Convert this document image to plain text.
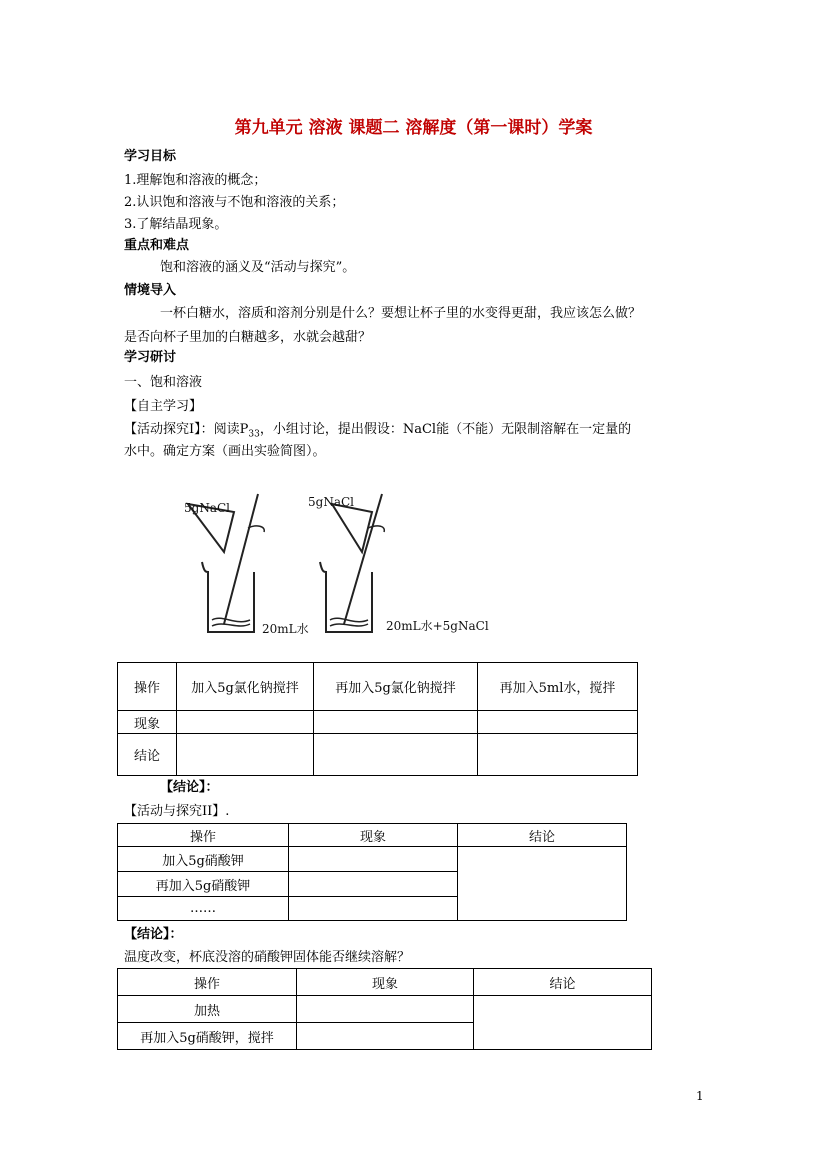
第九单元 溶液 课题二 溶解度（第一课时）学案
学习目标
1.理解饱和溶液的概念；
2.认识饱和溶液与不饱和溶液的关系；
3.了解结晶现象。
重点和难点
饱和溶液的涵义及“活动与探究”。
情境导入
一杯白糖水，溶质和溶剂分别是什么？要想让杯子里的水变得更甜，我应该怎么做？
是否向杯子里加的白糖越多，水就会越甜？
学习研讨
一、饱和溶液
【自主学习】
【活动探究Ⅰ】：阅读$P_{33}$，小组讨论，提出假设：NaCl能（不能）无限制溶解在一定量的
水中。确定方案（画出实验简图）。
5gNaCl	5gNaCl
20mL水	20mL水+5gNaCl
操作	加入5g氯化钠搅拌	再加入5g氯化钠搅拌	再加入5ml水，搅拌
现象			
结论			
【结论】：
【活动与探究II】.
操作	现象	结论
加入5g硝酸钾		
再加入5g硝酸钾		
……		
【结论】：
温度改变，杯底没溶的硝酸钾固体能否继续溶解？
操作	现象	结论
加热		
再加入5g硝酸钾，搅拌		
1
